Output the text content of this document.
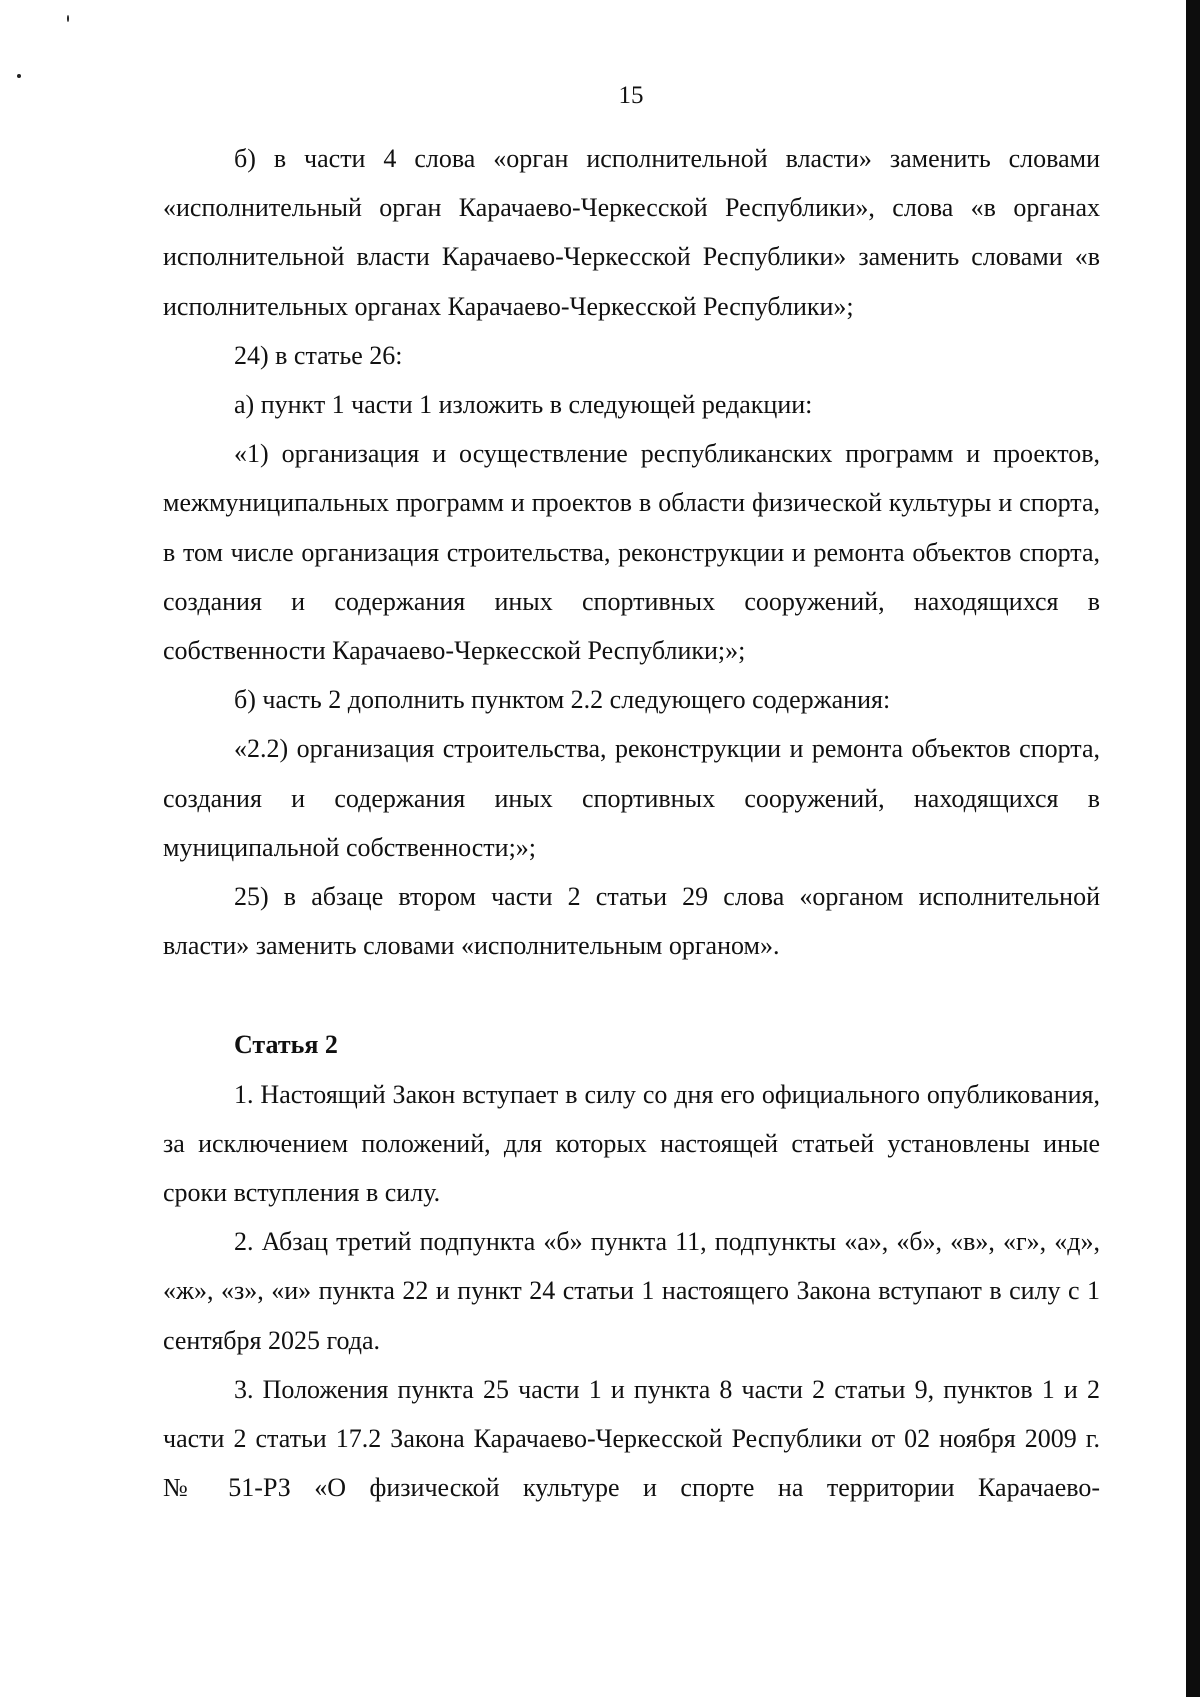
15

б) в части 4 слова «орган исполнительной власти» заменить словами «исполнительный орган Карачаево-Черкесской Республики», слова «в органах исполнительной власти Карачаево-Черкесской Республики» заменить словами «в исполнительных органах Карачаево-Черкесской Республики»;

24) в статье 26:

а) пункт 1 части 1 изложить в следующей редакции:

«1) организация и осуществление республиканских программ и проектов, межмуниципальных программ и проектов в области физической культуры и спорта, в том числе организация строительства, реконструкции и ремонта объектов спорта, создания и содержания иных спортивных сооружений, находящихся в собственности Карачаево-Черкесской Республики;»;

б) часть 2 дополнить пунктом 2.2 следующего содержания:

«2.2) организация строительства, реконструкции и ремонта объектов спорта, создания и содержания иных спортивных сооружений, находящихся в муниципальной собственности;»;

25) в абзаце втором части 2 статьи 29 слова «органом исполнительной власти» заменить словами «исполнительным органом».

Статья 2

1. Настоящий Закон вступает в силу со дня его официального опубликования, за исключением положений, для которых настоящей статьей установлены иные сроки вступления в силу.

2. Абзац третий подпункта «б» пункта 11, подпункты «а», «б», «в», «г», «д», «ж», «з», «и» пункта 22 и пункт 24 статьи 1 настоящего Закона вступают в силу с 1 сентября 2025 года.

3. Положения пункта 25 части 1 и пункта 8 части 2 статьи 9, пунктов 1 и 2 части 2 статьи 17.2 Закона Карачаево-Черкесской Республики от 02 ноября 2009 г. № 51-РЗ «О физической культуре и спорте на территории Карачаево-
